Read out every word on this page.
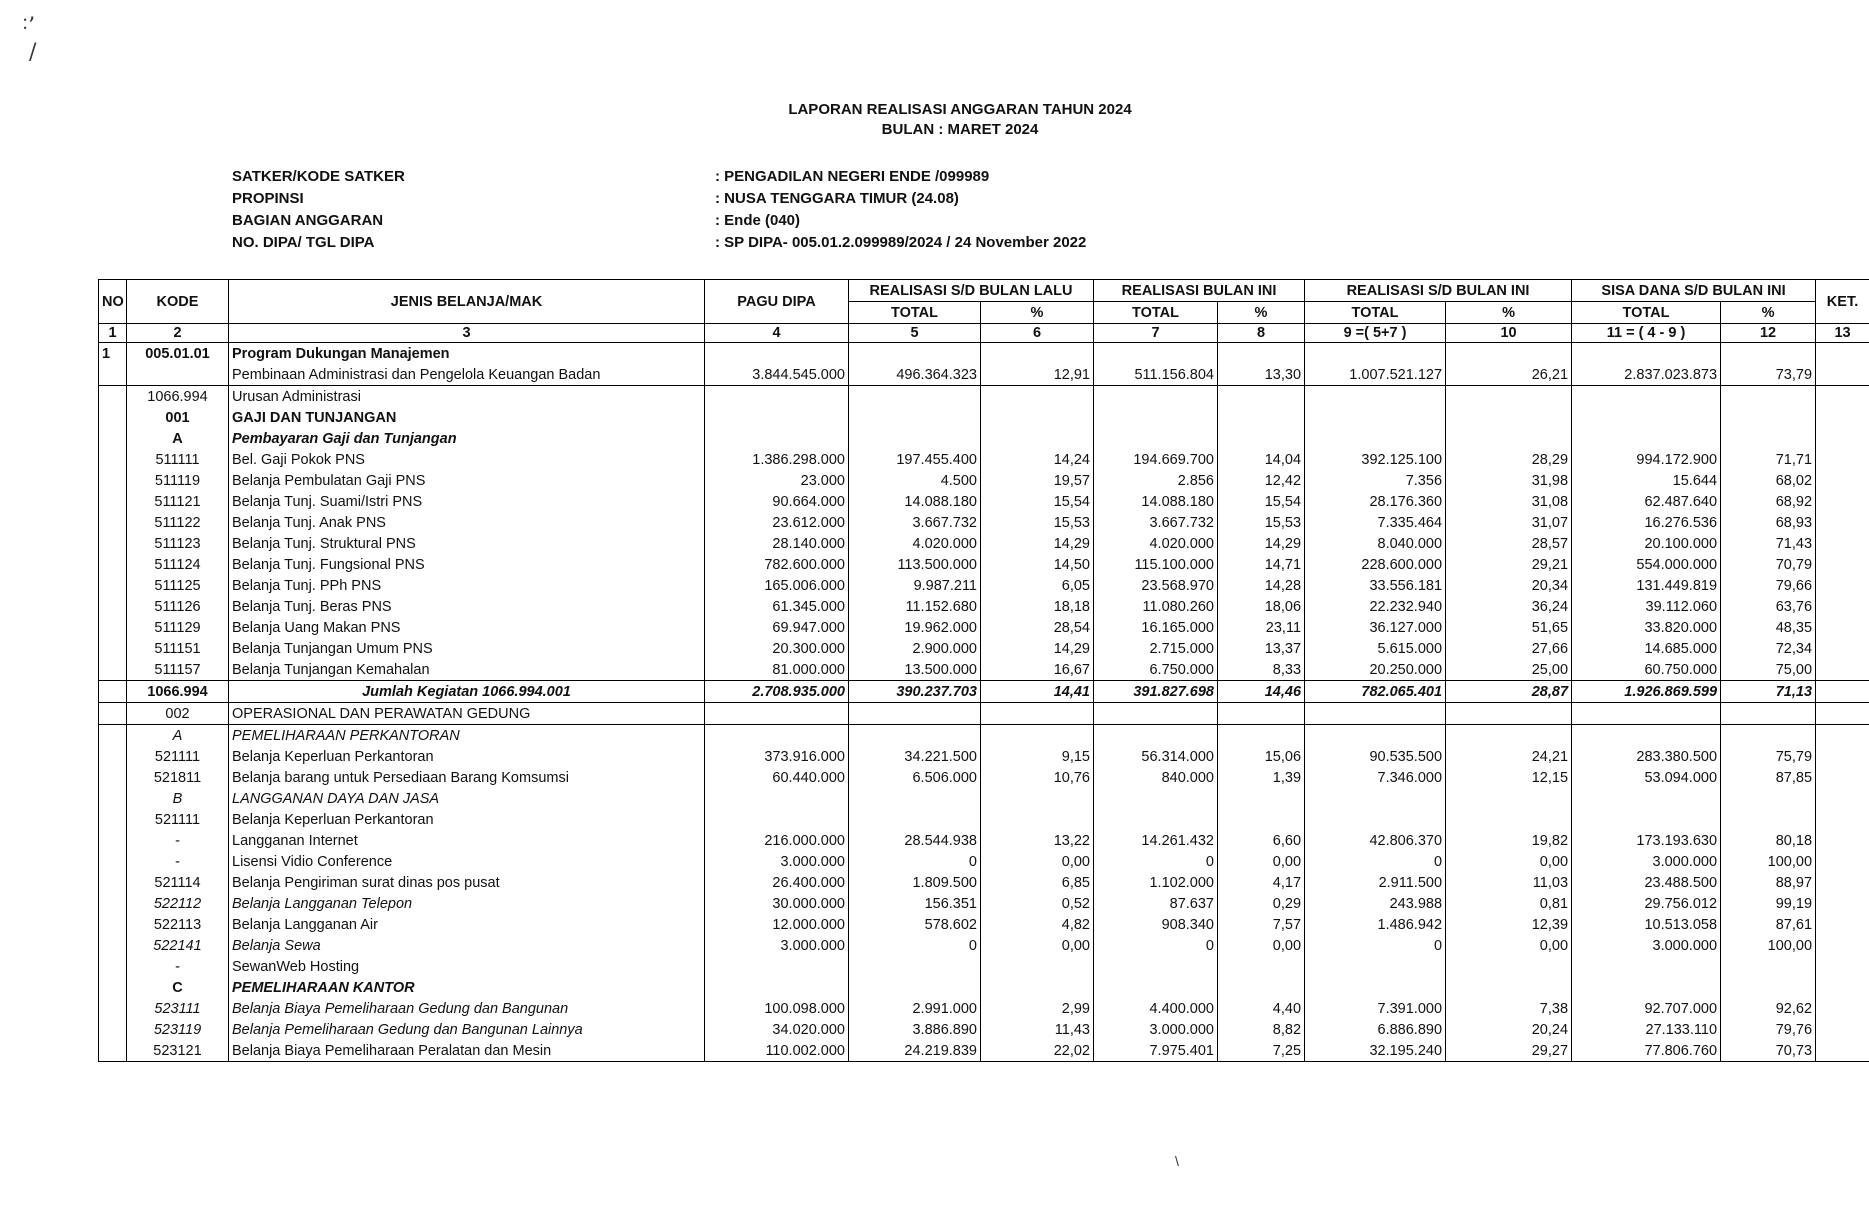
˸’
/
LAPORAN REALISASI ANGGARAN TAHUN 2024
BULAN : MARET 2024
SATKER/KODE SATKER	: PENGADILAN NEGERI ENDE /099989
PROPINSI	: NUSA TENGGARA TIMUR (24.08)
BAGIAN ANGGARAN	: Ende (040)
NO. DIPA/ TGL DIPA	: SP DIPA- 005.01.2.099989/2024 / 24 November 2022
NO	KODE	JENIS BELANJA/MAK	PAGU DIPA	REALISASI S/D BULAN LALU		REALISASI BULAN INI		REALISASI S/D BULAN INI		SISA DANA S/D BULAN INI		KET.
				TOTAL	%	TOTAL	%	TOTAL	%	TOTAL	%	
1	2	3	4	5	6	7	8	9 =( 5+7 )	10	11 = ( 4 - 9 )	12	13
1	005.01.01	Program Dukungan Manajemen										
		Pembinaan Administrasi dan Pengelola Keuangan Badan	3.844.545.000	496.364.323	12,91	511.156.804	13,30	1.007.521.127	26,21	2.837.023.873	73,79	
	1066.994	Urusan Administrasi										
	001	GAJI DAN TUNJANGAN										
	A	Pembayaran Gaji dan Tunjangan										
	511111	Bel. Gaji Pokok PNS	1.386.298.000	197.455.400	14,24	194.669.700	14,04	392.125.100	28,29	994.172.900	71,71	
	511119	Belanja Pembulatan Gaji PNS	23.000	4.500	19,57	2.856	12,42	7.356	31,98	15.644	68,02	
	511121	Belanja Tunj. Suami/Istri PNS	90.664.000	14.088.180	15,54	14.088.180	15,54	28.176.360	31,08	62.487.640	68,92	
	511122	Belanja Tunj. Anak PNS	23.612.000	3.667.732	15,53	3.667.732	15,53	7.335.464	31,07	16.276.536	68,93	
	511123	Belanja Tunj. Struktural PNS	28.140.000	4.020.000	14,29	4.020.000	14,29	8.040.000	28,57	20.100.000	71,43	
	511124	Belanja Tunj. Fungsional PNS	782.600.000	113.500.000	14,50	115.100.000	14,71	228.600.000	29,21	554.000.000	70,79	
	511125	Belanja Tunj. PPh PNS	165.006.000	9.987.211	6,05	23.568.970	14,28	33.556.181	20,34	131.449.819	79,66	
	511126	Belanja Tunj. Beras PNS	61.345.000	11.152.680	18,18	11.080.260	18,06	22.232.940	36,24	39.112.060	63,76	
	511129	Belanja Uang Makan PNS	69.947.000	19.962.000	28,54	16.165.000	23,11	36.127.000	51,65	33.820.000	48,35	
	511151	Belanja Tunjangan Umum PNS	20.300.000	2.900.000	14,29	2.715.000	13,37	5.615.000	27,66	14.685.000	72,34	
	511157	Belanja Tunjangan Kemahalan	81.000.000	13.500.000	16,67	6.750.000	8,33	20.250.000	25,00	60.750.000	75,00	
	1066.994	Jumlah Kegiatan 1066.994.001	2.708.935.000	390.237.703	14,41	391.827.698	14,46	782.065.401	28,87	1.926.869.599	71,13	
	002	OPERASIONAL DAN PERAWATAN GEDUNG										
	A	PEMELIHARAAN PERKANTORAN										
	521111	Belanja Keperluan Perkantoran	373.916.000	34.221.500	9,15	56.314.000	15,06	90.535.500	24,21	283.380.500	75,79	
	521811	Belanja barang untuk Persediaan Barang Komsumsi	60.440.000	6.506.000	10,76	840.000	1,39	7.346.000	12,15	53.094.000	87,85	
	B	LANGGANAN DAYA DAN JASA										
	521111	Belanja Keperluan Perkantoran										
	-	Langganan Internet	216.000.000	28.544.938	13,22	14.261.432	6,60	42.806.370	19,82	173.193.630	80,18	
	-	Lisensi Vidio Conference	3.000.000	0	0,00	0	0,00	0	0,00	3.000.000	100,00	
	521114	Belanja Pengiriman surat dinas pos pusat	26.400.000	1.809.500	6,85	1.102.000	4,17	2.911.500	11,03	23.488.500	88,97	
	522112	Belanja Langganan Telepon	30.000.000	156.351	0,52	87.637	0,29	243.988	0,81	29.756.012	99,19	
	522113	Belanja Langganan Air	12.000.000	578.602	4,82	908.340	7,57	1.486.942	12,39	10.513.058	87,61	
	522141	Belanja Sewa	3.000.000	0	0,00	0	0,00	0	0,00	3.000.000	100,00	
	-	SewanWeb Hosting										
	C	PEMELIHARAAN KANTOR										
	523111	Belanja Biaya Pemeliharaan Gedung dan Bangunan	100.098.000	2.991.000	2,99	4.400.000	4,40	7.391.000	7,38	92.707.000	92,62	
	523119	Belanja Pemeliharaan Gedung dan Bangunan Lainnya	34.020.000	3.886.890	11,43	3.000.000	8,82	6.886.890	20,24	27.133.110	79,76	
	523121	Belanja Biaya Pemeliharaan Peralatan dan Mesin	110.002.000	24.219.839	22,02	7.975.401	7,25	32.195.240	29,27	77.806.760	70,73	
\
